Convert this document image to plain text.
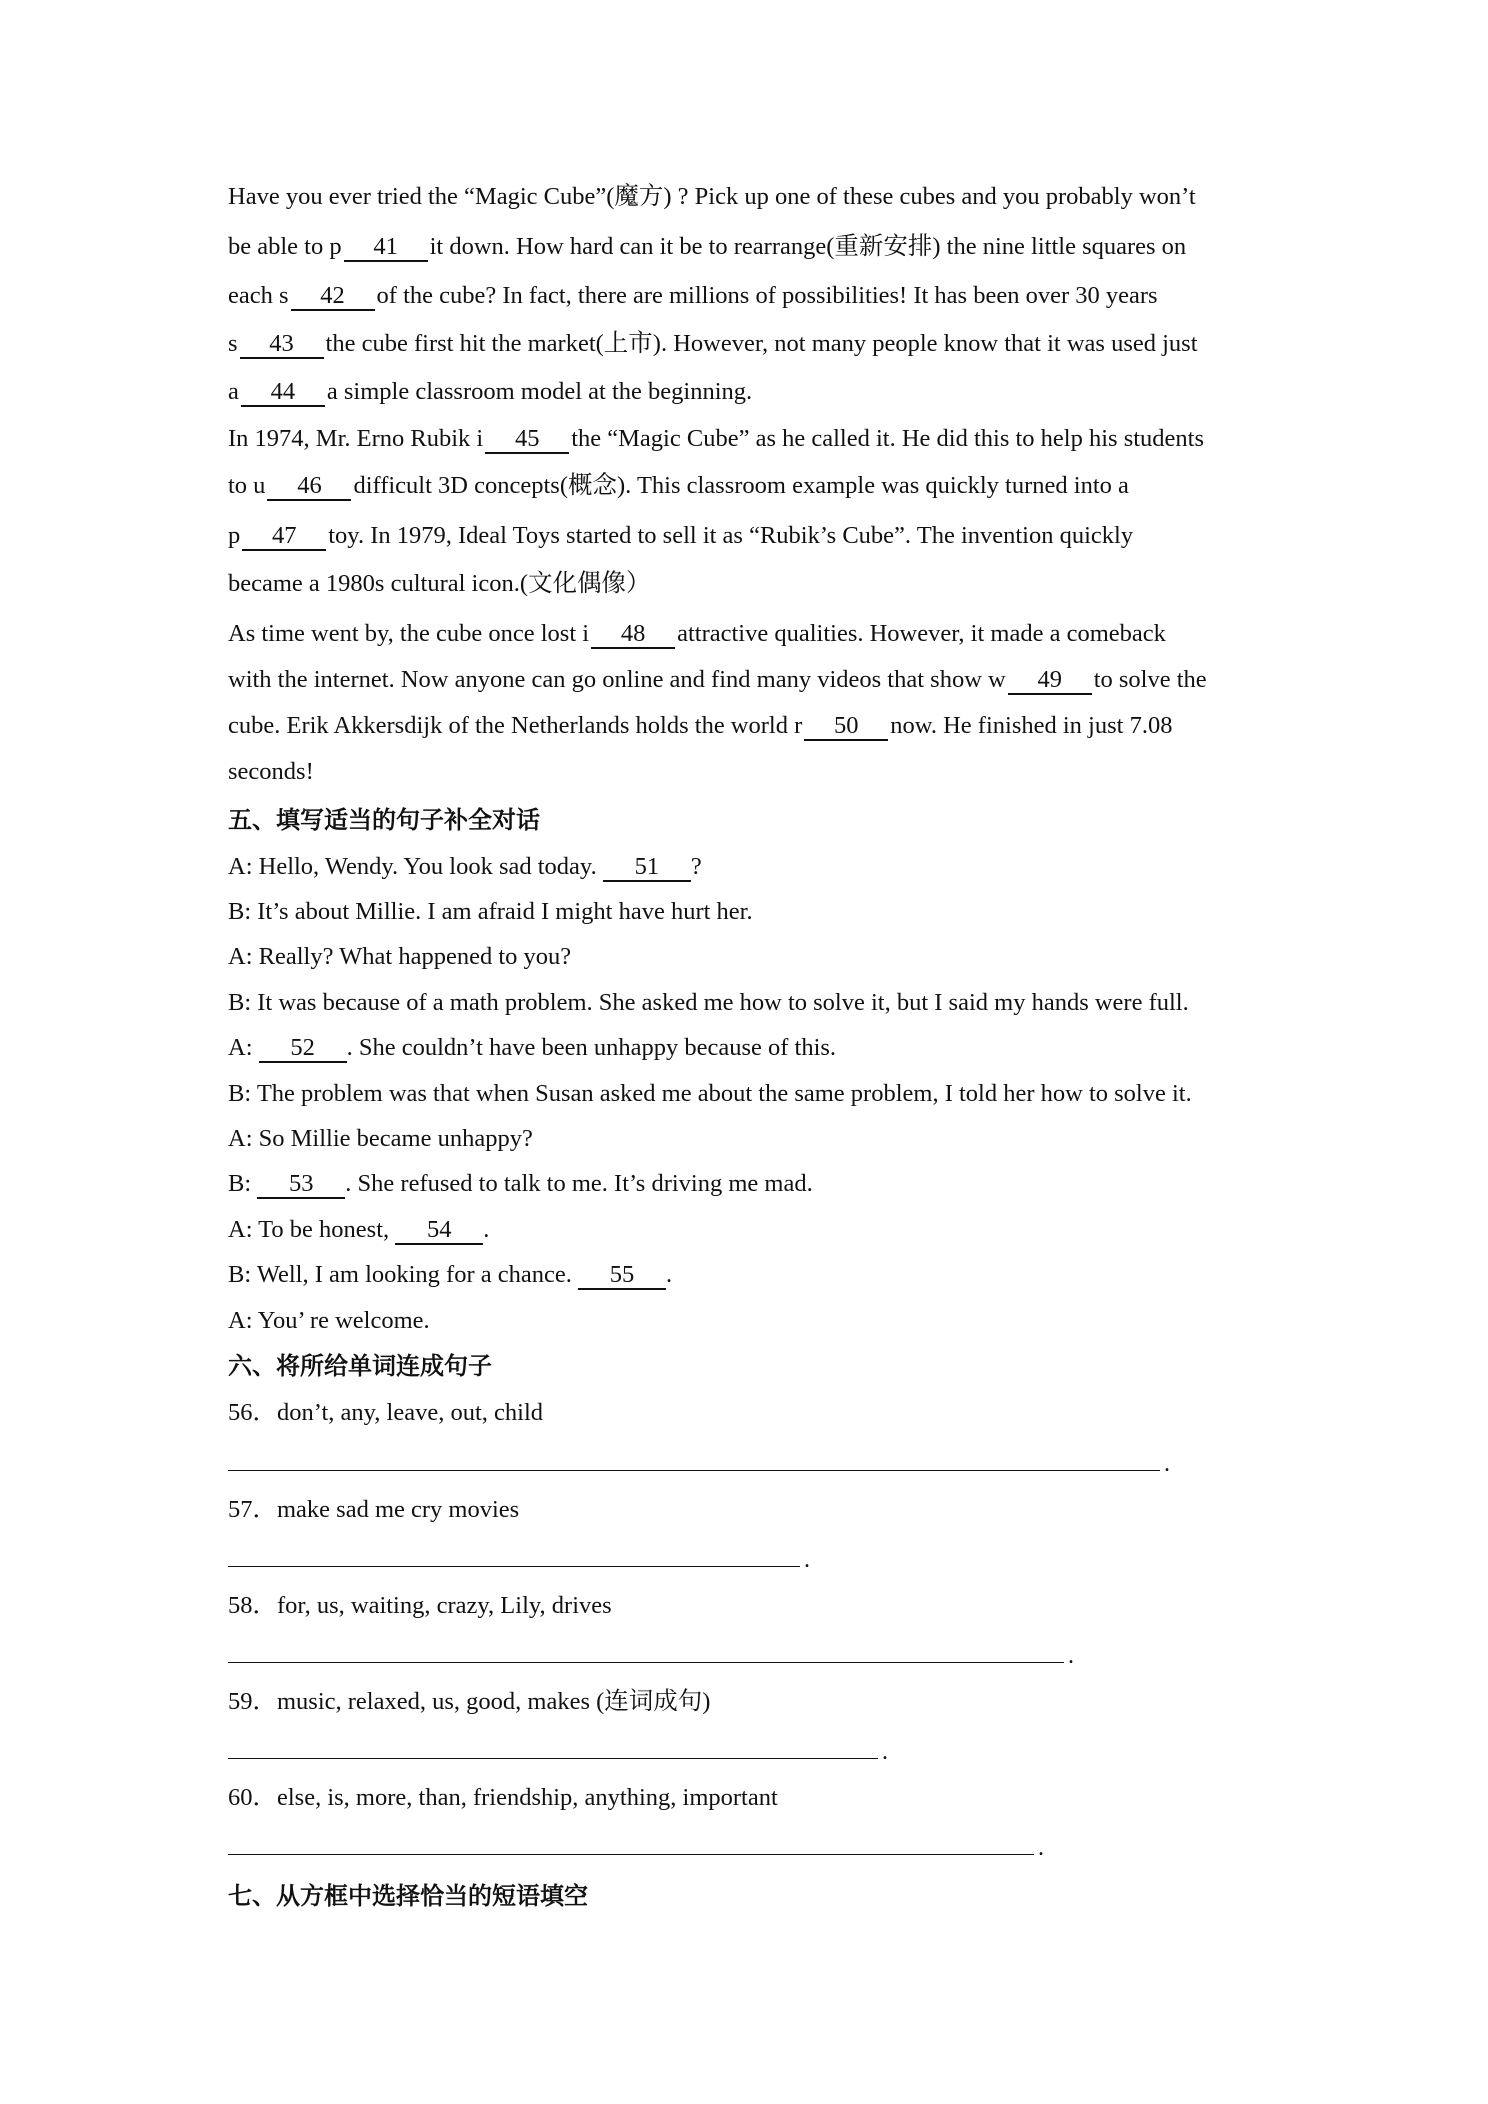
Have you ever tried the “Magic Cube”(魔方) ? Pick up one of these cubes and you probably won’t
be able to p 41 it down. How hard can it be to rearrange(重新安排) the nine little squares on
each s 42 of the cube? In fact, there are millions of possibilities! It has been over 30 years
s 43 the cube first hit the market(上市). However, not many people know that it was used just
a 44 a simple classroom model at the beginning.
In 1974, Mr. Erno Rubik i 45 the “Magic Cube” as he called it. He did this to help his students
to u 46 difficult 3D concepts(概念). This classroom example was quickly turned into a
p 47 toy. In 1979, Ideal Toys started to sell it as “Rubik’s Cube”. The invention quickly
became a 1980s cultural icon.(文化偶像）
As time went by, the cube once lost i 48 attractive qualities. However, it made a comeback
with the internet. Now anyone can go online and find many videos that show w 49 to solve the
cube. Erik Akkersdijk of the Netherlands holds the world r 50 now. He finished in just 7.08
seconds!
五、填写适当的句子补全对话
A: Hello, Wendy. You look sad today. 51 ?
B: It’s about Millie. I am afraid I might have hurt her.
A: Really? What happened to you?
B: It was because of a math problem. She asked me how to solve it, but I said my hands were full.
A: 52 . She couldn’t have been unhappy because of this.
B: The problem was that when Susan asked me about the same problem, I told her how to solve it.
A: So Millie became unhappy?
B: 53 . She refused to talk to me. It’s driving me mad.
A: To be honest, 54 .
B: Well, I am looking for a chance. 55 .
A: You’ re welcome.
六、将所给单词连成句子
56．don’t, any, leave, out, child
.
57．make sad me cry movies
.
58．for, us, waiting, crazy, Lily, drives
.
59．music, relaxed, us, good, makes (连词成句)
.
60．else, is, more, than, friendship, anything, important
.
七、从方框中选择恰当的短语填空
